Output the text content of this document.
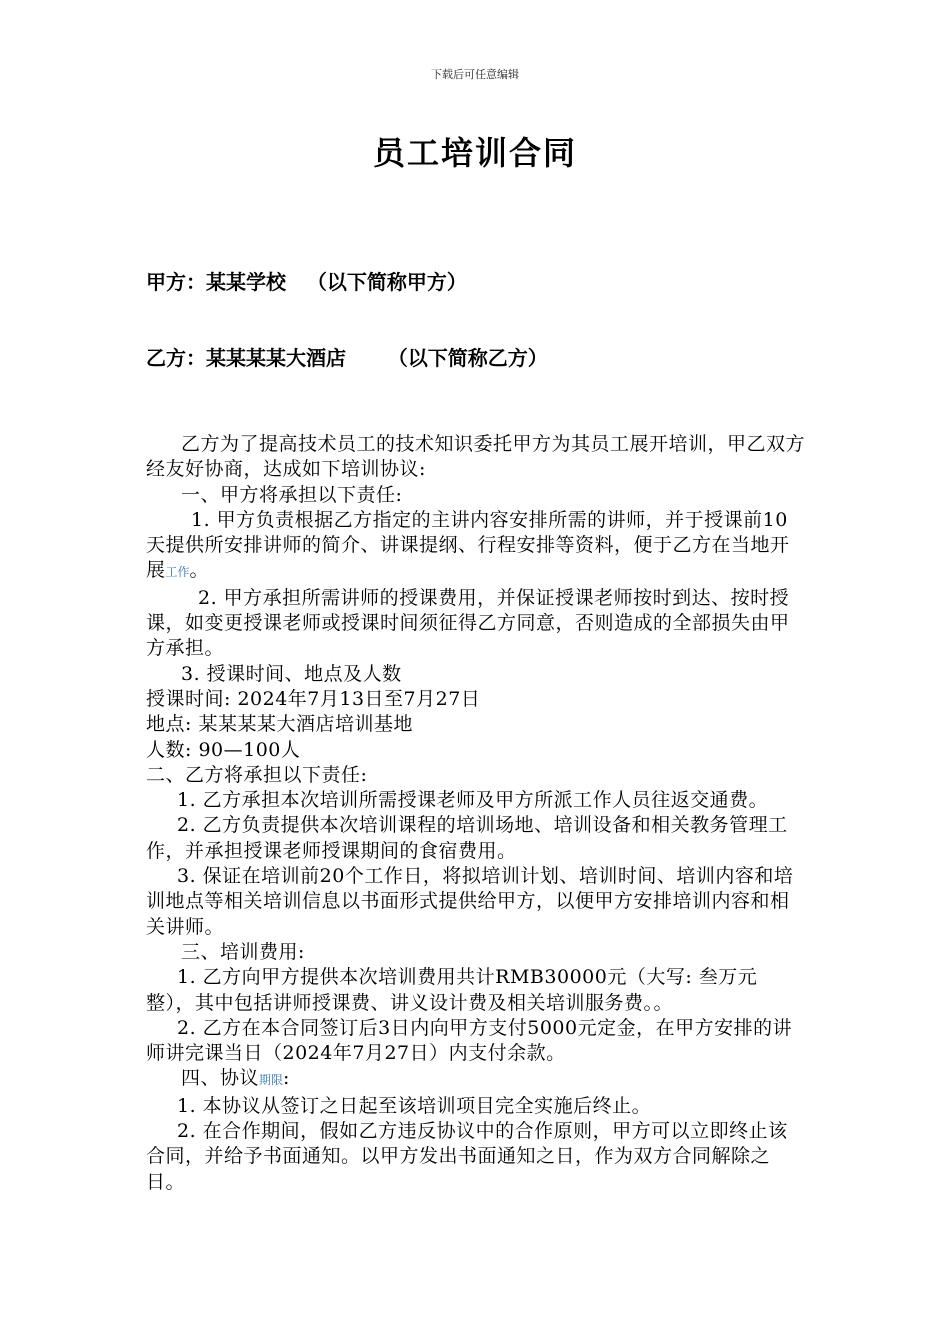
下载后可任意编辑
员工培训合同
甲方：某某学校   （以下简称甲方）
乙方：某某某某大酒店      （以下简称乙方）

乙方为了提高技术员工的技术知识委托甲方为其员工展开培训，甲乙双方经友好协商，达成如下培训协议:

一、甲方将承担以下责任:

1. 甲方负责根据乙方指定的主讲内容安排所需的讲师，并于授课前10天提供所安排讲师的简介、讲课提纲、行程安排等资料，便于乙方在当地开展工作。

2. 甲方承担所需讲师的授课费用，并保证授课老师按时到达、按时授课，如变更授课老师或授课时间须征得乙方同意，否则造成的全部损失由甲方承担。

3. 授课时间、地点及人数

授课时间: 2024年7月13日至7月27日

地点: 某某某某大酒店培训基地

人数: 90—100人

二、乙方将承担以下责任:

1. 乙方承担本次培训所需授课老师及甲方所派工作人员往返交通费。

2. 乙方负责提供本次培训课程的培训场地、培训设备和相关教务管理工作，并承担授课老师授课期间的食宿费用。

3. 保证在培训前20个工作日，将拟培训计划、培训时间、培训内容和培训地点等相关培训信息以书面形式提供给甲方，以便甲方安排培训内容和相关讲师。

三、培训费用:

1. 乙方向甲方提供本次培训费用共计RMB30000元（大写: 叁万元整），其中包括讲师授课费、讲义设计费及相关培训服务费。。

2. 乙方在本合同签订后3日内向甲方支付5000元定金，在甲方安排的讲师讲完课当日（2024年7月27日）内支付余款。

四、协议期限:

1. 本协议从签订之日起至该培训项目完全实施后终止。

2. 在合作期间，假如乙方违反协议中的合作原则，甲方可以立即终止该合同，并给予书面通知。以甲方发出书面通知之日，作为双方合同解除之日。
